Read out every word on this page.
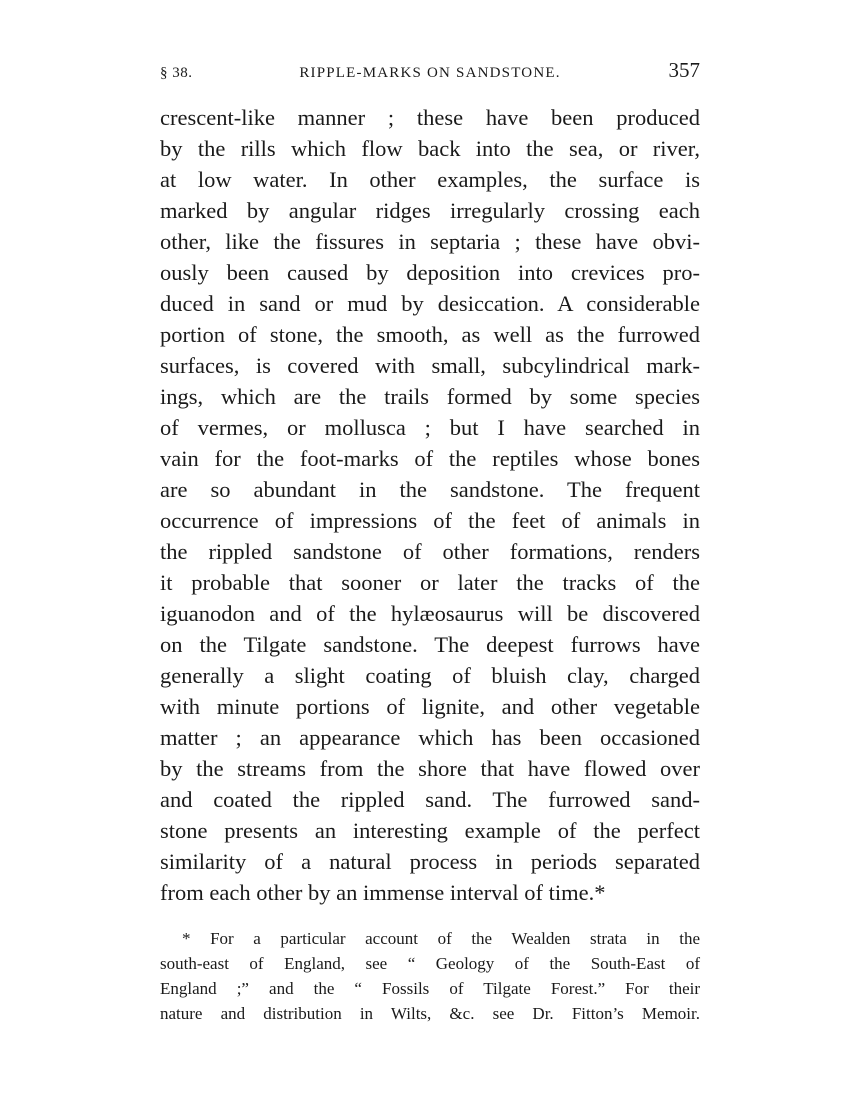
§ 38.	RIPPLE-MARKS ON SANDSTONE.	357
crescent-like manner ; these have been produced
by the rills which flow back into the sea, or river,
at low water. In other examples, the surface is
marked by angular ridges irregularly crossing each
other, like the fissures in septaria ; these have obvi-
ously been caused by deposition into crevices pro-
duced in sand or mud by desiccation. A considerable
portion of stone, the smooth, as well as the furrowed
surfaces, is covered with small, subcylindrical mark-
ings, which are the trails formed by some species
of vermes, or mollusca ; but I have searched in
vain for the foot-marks of the reptiles whose bones
are so abundant in the sandstone. The frequent
occurrence of impressions of the feet of animals in
the rippled sandstone of other formations, renders
it probable that sooner or later the tracks of the
iguanodon and of the hylæosaurus will be discovered
on the Tilgate sandstone. The deepest furrows have
generally a slight coating of bluish clay, charged
with minute portions of lignite, and other vegetable
matter ; an appearance which has been occasioned
by the streams from the shore that have flowed over
and coated the rippled sand. The furrowed sand-
stone presents an interesting example of the perfect
similarity of a natural process in periods separated
from each other by an immense interval of time.*
* For a particular account of the Wealden strata in the
south-east of England, see “ Geology of the South-East of
England ;” and the “ Fossils of Tilgate Forest.” For their
nature and distribution in Wilts, &c. see Dr. Fitton’s Memoir.
